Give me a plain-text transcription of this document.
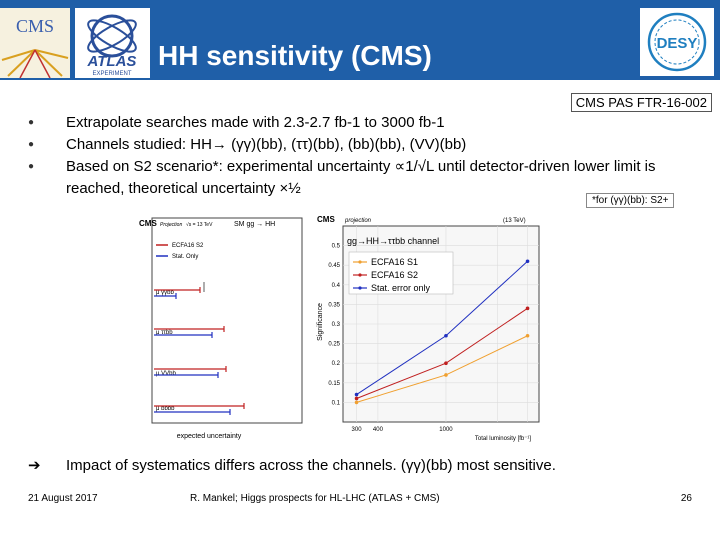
CMS
ATLAS
EXPERIMENT
DESY
HH sensitivity (CMS)
CMS PAS FTR-16-002
● Extrapolate searches made with 2.3-2.7 fb-1 to 3000 fb-1
● Channels studied: HH→ (γγ)(bb), (ττ)(bb), (bb)(bb), (VV)(bb)
● Based on S2 scenario*: experimental uncertainty ∝1/√L until detector-driven lower limit is reached, theoretical uncertainty ×½
*for (γγ)(bb): S2+
CMS Projection √s = 13 TeV	SM gg → HH
ECFA16 S2
Stat. Only
μ γγbb
μ ττbb
μ VVbb
μ bbbb
expected uncertainty
CMS projection	(13 TeV)
gg→HH→ττbb channel
ECFA16 S1
ECFA16 S2
Stat. error only
Significance
Total luminosity [fb⁻¹]
0.1
0.15
0.2
0.25
0.3
0.35
0.4
0.45
0.5
300 400	1000
➔ Impact of systematics differs across the channels. (γγ)(bb) most sensitive.
21 August 2017	R. Mankel; Higgs prospects for HL-LHC (ATLAS + CMS)	26
